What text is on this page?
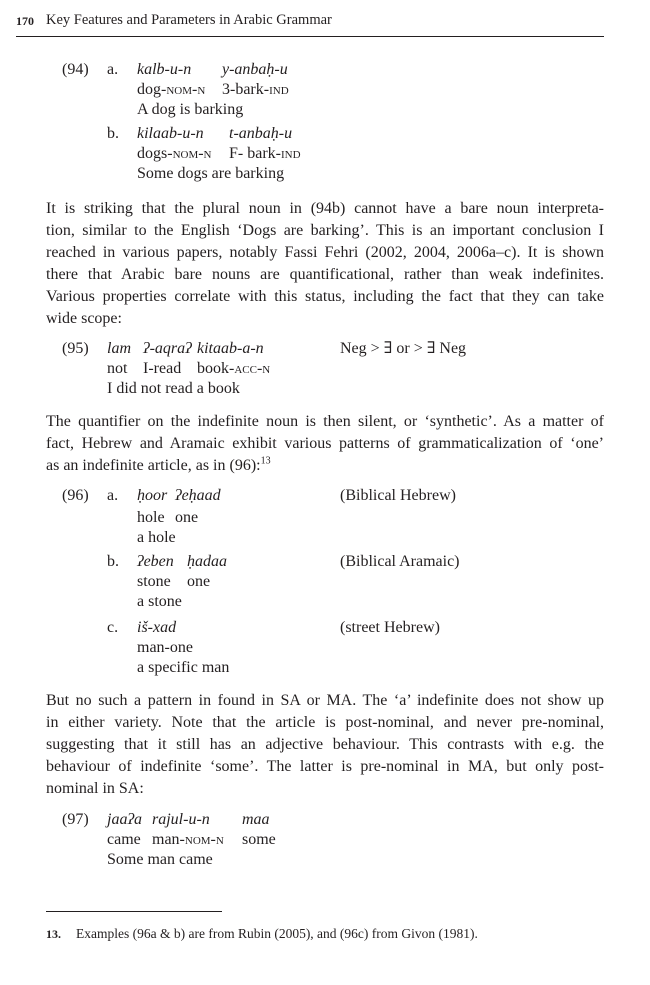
170 Key Features and Parameters in Arabic Grammar
(94) a. kalb-u-n y-anbaḥ-u
dog-nom-n 3-bark-ind
A dog is barking
b. kilaab-u-n t-anbaḥ-u
dogs-nom-n F- bark-ind
Some dogs are barking
It is striking that the plural noun in (94b) cannot have a bare noun interpreta-
tion, similar to the English ‘Dogs are barking’. This is an important conclusion I
reached in various papers, notably Fassi Fehri (2002, 2004, 2006a–c). It is shown
there that Arabic bare nouns are quantificational, rather than weak indefinites.
Various properties correlate with this status, including the fact that they can take
wide scope:
(95) lam ʔ-aqraʔ kitaab-a-n	Neg > ∃ or > ∃ Neg
not I-read book-acc-n
I did not read a book
The quantifier on the indefinite noun is then silent, or ‘synthetic’. As a matter of
fact, Hebrew and Aramaic exhibit various patterns of grammaticalization of ‘one’
as an indefinite article, as in (96):$^{13}$
(96) a. ḥoor ʔeḥaad	(Biblical Hebrew)
hole one
a hole
b. ʔeben ḥadaa	(Biblical Aramaic)
stone one
a stone
c. iš-xad	(street Hebrew)
man-one
a specific man
But no such a pattern in found in SA or MA. The ‘a’ indefinite does not show up
in either variety. Note that the article is post-nominal, and never pre-nominal,
suggesting that it still has an adjective behaviour. This contrasts with e.g. the
behaviour of indefinite ‘some’. The latter is pre-nominal in MA, but only post-
nominal in SA:
(97) jaaʔa rajul-u-n maa
came man-nom-n some
Some man came
13. Examples (96a & b) are from Rubin (2005), and (96c) from Givon (1981).
